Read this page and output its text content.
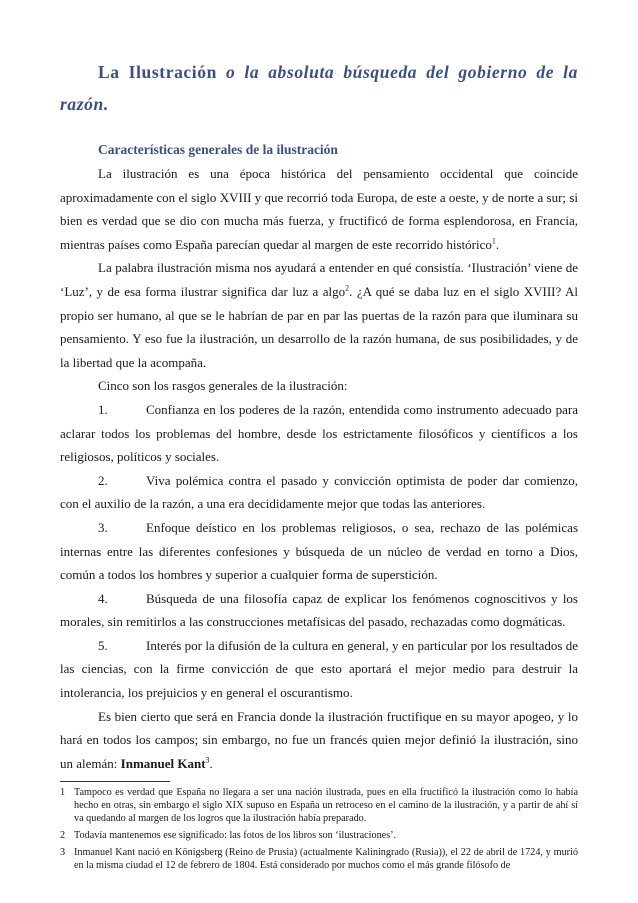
La Ilustración o la absoluta búsqueda del gobierno de la razón.
Características generales de la ilustración

La ilustración es una época histórica del pensamiento occidental que coincide aproximadamente con el siglo XVIII y que recorrió toda Europa, de este a oeste, y de norte a sur; si bien es verdad que se dio con mucha más fuerza, y fructificó de forma esplendorosa, en Francia, mientras países como España parecían quedar al margen de este recorrido histórico$^1$.

La palabra ilustración misma nos ayudará a entender en qué consistía. ‘Ilustración’ viene de ‘Luz’, y de esa forma ilustrar significa dar luz a algo$^2$. ¿A qué se daba luz en el siglo XVIII? Al propio ser humano, al que se le habrían de par en par las puertas de la razón para que iluminara su pensamiento. Y eso fue la ilustración, un desarrollo de la razón humana, de sus posibilidades, y de la libertad que la acompaña.

Cinco son los rasgos generales de la ilustración:

1.	Confianza en los poderes de la razón, entendida como instrumento adecuado para aclarar todos los problemas del hombre, desde los estrictamente filosóficos y científicos a los religiosos, políticos y sociales.

2.	Viva polémica contra el pasado y convicción optimista de poder dar comienzo, con el auxilio de la razón, a una era decididamente mejor que todas las anteriores.

3.	Enfoque deístico en los problemas religiosos, o sea, rechazo de las polémicas internas entre las diferentes confesiones y búsqueda de un núcleo de verdad en torno a Dios, común a todos los hombres y superior a cualquier forma de superstición.

4.	Búsqueda de una filosofía capaz de explicar los fenómenos cognoscitivos y los morales, sin remitirlos a las construcciones metafísicas del pasado, rechazadas como dogmáticas.

5.	Interés por la difusión de la cultura en general, y en particular por los resultados de las ciencias, con la firme convicción de que esto aportará el mejor medio para destruir la intolerancia, los prejuicios y en general el oscurantismo.

Es bien cierto que será en Francia donde la ilustración fructifique en su mayor apogeo, y lo hará en todos los campos; sin embargo, no fue un francés quien mejor definió la ilustración, sino un alemán: Inmanuel Kant$^3$.

1 Tampoco es verdad que España no llegara a ser una nación ilustrada, pues en ella fructificó la ilustración como lo había hecho en otras, sin embargo el siglo XIX supuso en España un retroceso en el camino de la ilustración, y a partir de ahí sí va quedando al margen de los logros que la ilustración había preparado.

2 Todavía mantenemos ese significado: las fotos de los libros son ‘ilustraciones’.

3 Inmanuel Kant nació en Königsberg (Reino de Prusia) (actualmente Kaliningrado (Rusia)), el 22 de abril de 1724, y murió en la misma ciudad el 12 de febrero de 1804. Está considerado por muchos como el más grande filósofo de
